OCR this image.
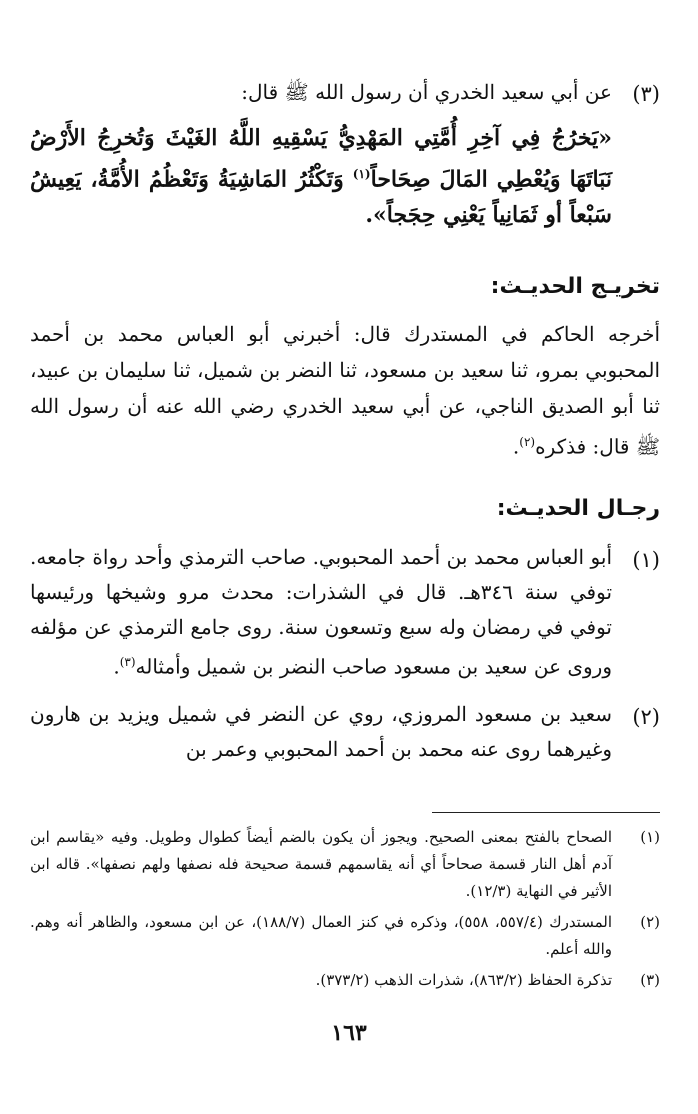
(٣)
عن أبي سعيد الخدري أن رسول الله ﷺ قال:
«يَخرُجُ فِي آخِرِ أُمَّتِي المَهْدِيُّ يَسْقِيهِ اللَّهُ الغَيْثَ وَتُخرِجُ الأَرْضُ نَبَاتَهَا وَيُعْطِي المَالَ صِحَاحاً$^{(١)}$ وَتَكْثُرُ المَاشِيَةُ وَتَعْظُمُ الأُمَّةُ، يَعِيشُ سَبْعاً أو ثَمَانِياً يَعْنِي حِجَجاً».
تخريـج الحديـث:
أخرجه الحاكم في المستدرك قال: أخبرني أبو العباس محمد بن أحمد المحبوبي بمرو، ثنا سعيد بن مسعود، ثنا النضر بن شميل، ثنا سليمان بن عبيد، ثنا أبو الصديق الناجي، عن أبي سعيد الخدري رضي الله عنه أن رسول الله ﷺ قال: فذكره$^{(٢)}$.
رجـال الحديـث:
(١)
أبو العباس محمد بن أحمد المحبوبي. صاحب الترمذي وأحد رواة جامعه. توفي سنة ٣٤٦هـ. قال في الشذرات: محدث مرو وشيخها ورئيسها توفي في رمضان وله سبع وتسعون سنة. روى جامع الترمذي عن مؤلفه وروى عن سعيد بن مسعود صاحب النضر بن شميل وأمثاله$^{(٣)}$.
(٢)
سعيد بن مسعود المروزي، روي عن النضر في شميل ويزيد بن هارون وغيرهما روى عنه محمد بن أحمد المحبوبي وعمر بن
(١)
الصحاح بالفتح بمعنى الصحيح. ويجوز أن يكون بالضم أيضاً كطوال وطويل. وفيه «يقاسم ابن آدم أهل النار قسمة صحاحاً أي أنه يقاسمهم قسمة صحيحة فله نصفها ولهم نصفها». قاله ابن الأثير في النهاية (١٢/٣).
(٢)
المستدرك (٥٥٧/٤، ٥٥٨)، وذكره في كنز العمال (١٨٨/٧)، عن ابن مسعود، والظاهر أنه وهم. والله أعلم.
(٣)
تذكرة الحفاظ (٨٦٣/٢)، شذرات الذهب (٣٧٣/٢).
١٦٣
